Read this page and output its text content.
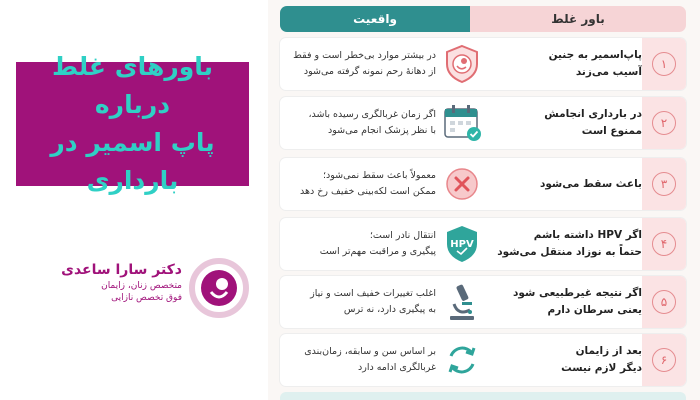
باورهای غلط درباره
پاپ اسمیر در بارداری
دکتر سارا ساعدی
متخصص زنان، زایمان
فوق تخصص نازایی
واقعیت	باور غلط
در بیشتر موارد بی‌خطر است و فقط
از دهانهٔ رحم نمونه گرفته می‌شود
پاپ‌اسمیر به جنین
آسیب می‌زند
۱
اگر زمان غربالگری رسیده باشد،
با نظر پزشک انجام می‌شود
در بارداری انجامش
ممنوع است
۲
معمولاً باعث سقط نمی‌شود؛
ممکن است لکه‌بینی خفیف رخ دهد
باعث سقط می‌شود	۳
انتقال نادر است؛
پیگیری و مراقبت مهم‌تر است
HPV
اگر HPV داشته باشم
حتماً به نوزاد منتقل می‌شود
۴
اغلب تغییرات خفیف است و نیاز
به پیگیری دارد، نه ترس
اگر نتیجه غیرطبیعی شود
یعنی سرطان دارم
۵
بر اساس سن و سابقه، زمان‌بندی
غربالگری ادامه دارد
بعد از زایمان
دیگر لازم نیست
۶
